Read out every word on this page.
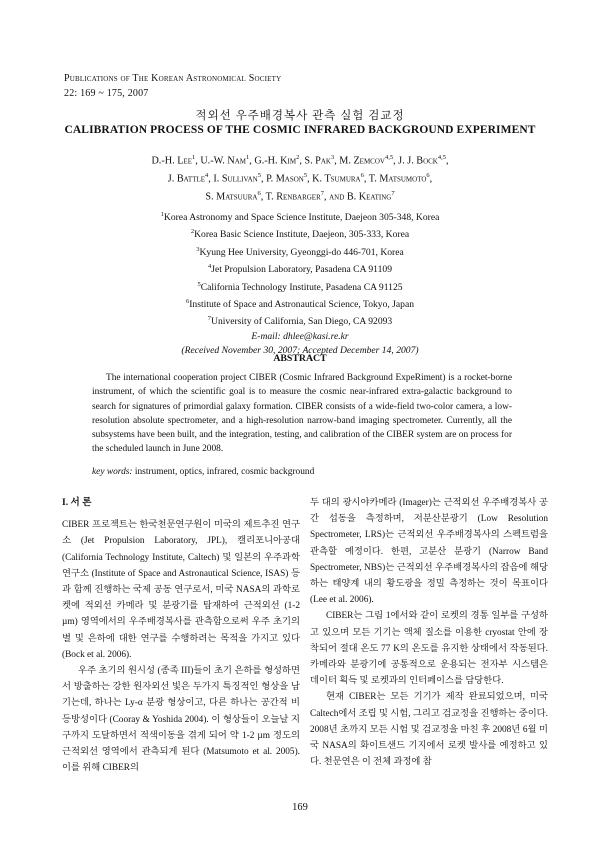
Publications of The Korean Astronomical Society
22: 169 ~ 175, 2007
적외선 우주배경복사 관측 실험 검교정
CALIBRATION PROCESS OF THE COSMIC INFRARED BACKGROUND EXPERIMENT
D.-H. Lee$^1$, U.-W. Nam$^1$, G.-H. Kim$^2$, S. Pak$^3$, M. Zemcov$^{4,5}$, J. J. Bock$^{4,5}$,
J. Battle$^4$, I. Sullivan$^5$, P. Mason$^5$, K. Tsumura$^6$, T. Matsumoto$^6$,
S. Matsuura$^6$, T. Renbarger$^7$, and B. Keating$^7$
$^1$Korea Astronomy and Space Science Institute, Daejeon 305-348, Korea
$^2$Korea Basic Science Institute, Daejeon, 305-333, Korea
$^3$Kyung Hee University, Gyeonggi-do 446-701, Korea
$^4$Jet Propulsion Laboratory, Pasadena CA 91109
$^5$California Technology Institute, Pasadena CA 91125
$^6$Institute of Space and Astronautical Science, Tokyo, Japan
$^7$University of California, San Diego, CA 92093
E-mail: dhlee@kasi.re.kr
(Received November 30, 2007; Accepted December 14, 2007)
ABSTRACT

The international cooperation project CIBER (Cosmic Infrared Background ExpeRiment) is a rocket-borne instrument, of which the scientific goal is to measure the cosmic near-infrared extra-galactic background to search for signatures of primordial galaxy formation. CIBER consists of a wide-field two-color camera, a low-resolution absolute spectrometer, and a high-resolution narrow-band imaging spectrometer. Currently, all the subsystems have been built, and the integration, testing, and calibration of the CIBER system are on process for the scheduled launch in June 2008.

key words: instrument, optics, infrared, cosmic background

I. 서 론

CIBER 프로젝트는 한국천문연구원이 미국의 제트추진 연구소 (Jet Propulsion Laboratory, JPL), 캘리포니아공대 (California Technology Institute, Caltech) 및 일본의 우주과학연구소 (Institute of Space and Astronautical Science, ISAS) 등과 함께 진행하는 국제 공동 연구로서, 미국 NASA의 과학로켓에 적외선 카메라 및 분광기를 탑재하여 근적외선 (1-2 µm) 영역에서의 우주배경복사를 관측함으로써 우주 초기의 별 및 은하에 대한 연구를 수행하려는 목적을 가지고 있다 (Bock et al. 2006).

우주 초기의 원시성 (종족 III)들이 초기 은하를 형성하면서 방출하는 강한 원자외선 빛은 두가지 특징적인 형상을 남기는데, 하나는 Ly-α 분광 형상이고, 다른 하나는 공간적 비등방성이다 (Cooray & Yoshida 2004). 이 형상들이 오늘날 지구까지 도달하면서 적색이동을 겪게 되어 약 1-2 µm 정도의 근적외선 영역에서 관측되게 된다 (Matsumoto et al. 2005). 이를 위해 CIBER의

두 대의 광시야카메라 (Imager)는 근적외선 우주배경복사 공간 섭동을 측정하며, 저분산분광기 (Low Resolution Spectrometer, LRS)는 근적외선 우주배경복사의 스펙트럼을 관측할 예정이다. 한편, 고분산 분광기 (Narrow Band Spectrometer, NBS)는 근적외선 우주배경복사의 잡음에 해당하는 태양계 내의 황도광을 정밀 측정하는 것이 목표이다 (Lee et al. 2006).

CIBER는 그림 1에서와 같이 로켓의 경통 일부를 구성하고 있으며 모든 기기는 액체 질소를 이용한 cryostat 안에 장착되어 절대 온도 77 K의 온도를 유지한 상태에서 작동된다. 카메라와 분광기에 공통적으로 운용되는 전자부 시스템은 데이터 획득 및 로켓과의 인터페이스를 담당한다.

현재 CIBER는 모든 기기가 제작 완료되었으며, 미국 Caltech에서 조립 및 시험, 그리고 검교정을 진행하는 중이다. 2008년 초까지 모든 시험 및 검교정을 마친 후 2008년 6월 미국 NASA의 화이트샌드 기지에서 로켓 발사를 예정하고 있다. 천문연은 이 전체 과정에 참

169
